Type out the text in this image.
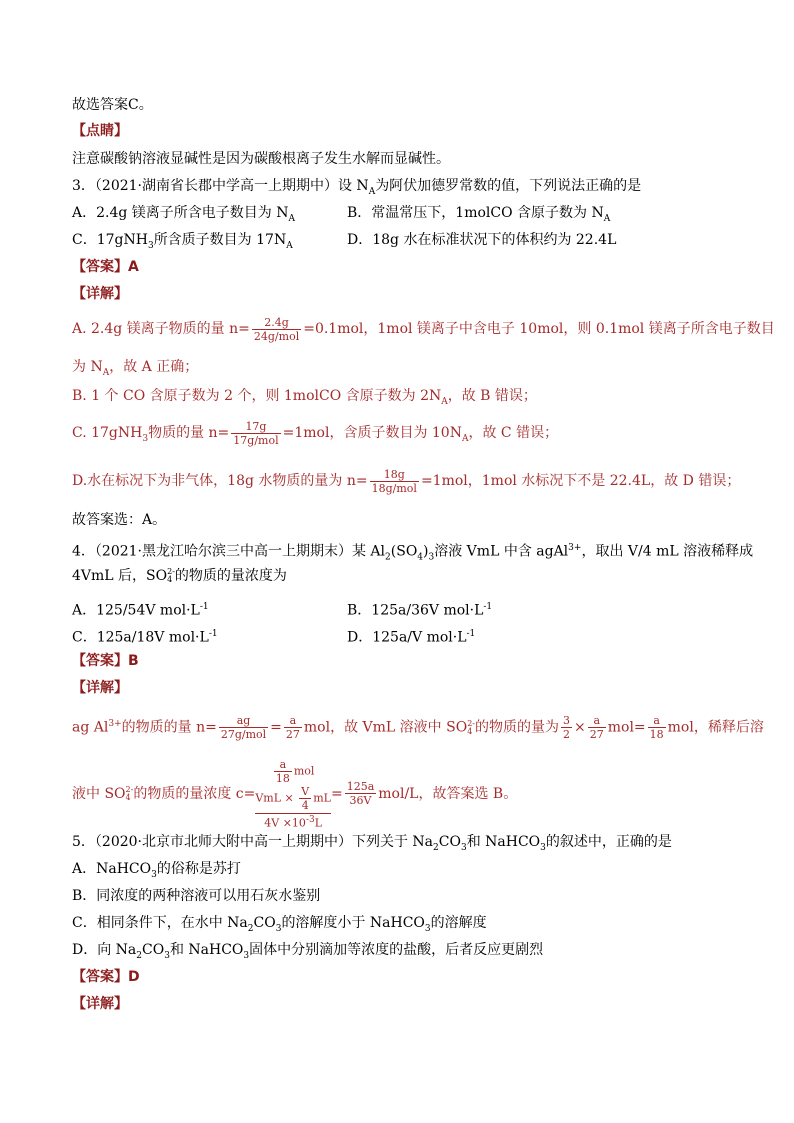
故选答案C。
【点睛】
注意碳酸钠溶液显碱性是因为碳酸根离子发生水解而显碱性。
3．（2021·湖南省长郡中学高一上期期中）设 $N_A$为阿伏加德罗常数的值，下列说法正确的是
A．2.4g 镁离子所含电子数目为 $N_A$	B．常温常压下，1molCO 含原子数为 $N_A$
C．17gNH$_3$所含质子数目为 $17N_A$	D．18g 水在标准状况下的体积约为 22.4L
【答案】A
【详解】
A. 2.4g 镁离子物质的量 $n= \frac{2.4g}{\text{24g/mol}} =0.1mol$，1mol 镁离子中含电子 10mol，则 0.1mol 镁离子所含电子数目
为 $N_A$，故 A 正确；
B. 1 个 CO 含原子数为 2 个，则 1molCO 含原子数为 $2N_A$，故 B 错误；
C. 17gNH$_3$物质的量 $n= \frac{17g}{\text{17g/mol}} =1mol$，含质子数目为 $10N_A$，故 C 错误；
D.水在标况下为非气体，18g 水物质的量为 $n= \frac{18g}{\text{18g/mol}} =1mol$，1mol 水标况下不是 22.4L，故 D 错误；
故答案选：A。
4．（2021·黑龙江哈尔滨三中高一上期期末）某 $Al_2(SO_4)_3$溶液 VmL 中含 agAl$^{3+}$，取出 V/4 mL 溶液稀释成
4VmL 后，SO 2-
4 的物质的量浓度为
A．125/54V $mol\cdot L^{-1}$	B．125a/36V $mol\cdot L^{-1}$
C．125a/18V $mol\cdot L^{-1}$	D．125a/V $mol\cdot L^{-1}$
【答案】B
【详解】
ag $Al^{3+}$的物质的量 $n= \frac{ag}{\text{27g/mol}} = \frac{a}{27}$ mol，故 VmL 溶液中 SO 2-
4 的物质的量为 $\frac{3}{2} \times \frac{a}{27} mol= \frac{a}{18}$ mol，稀释后溶
液中 SO 2-
4 的物质的量浓度 c=
$\frac{a}{18}$ mol
VmL × $\frac{V}{4}$ mL
$4V \times 10^{-3}L$
= $\frac{125a}{36V} mol/L$，故答案选 B。
5．（2020·北京市北师大附中高一上期期中）下列关于 $Na_2CO_3$和 NaHCO$_3$的叙述中，正确的是
A．NaHCO$_3$的俗称是苏打
B．同浓度的两种溶液可以用石灰水鉴别
C．相同条件下，在水中 $Na_2CO_3$的溶解度小于 NaHCO$_3$的溶解度
D．向 $Na_2CO_3$和 NaHCO$_3$固体中分别滴加等浓度的盐酸，后者反应更剧烈
【答案】D
【详解】
